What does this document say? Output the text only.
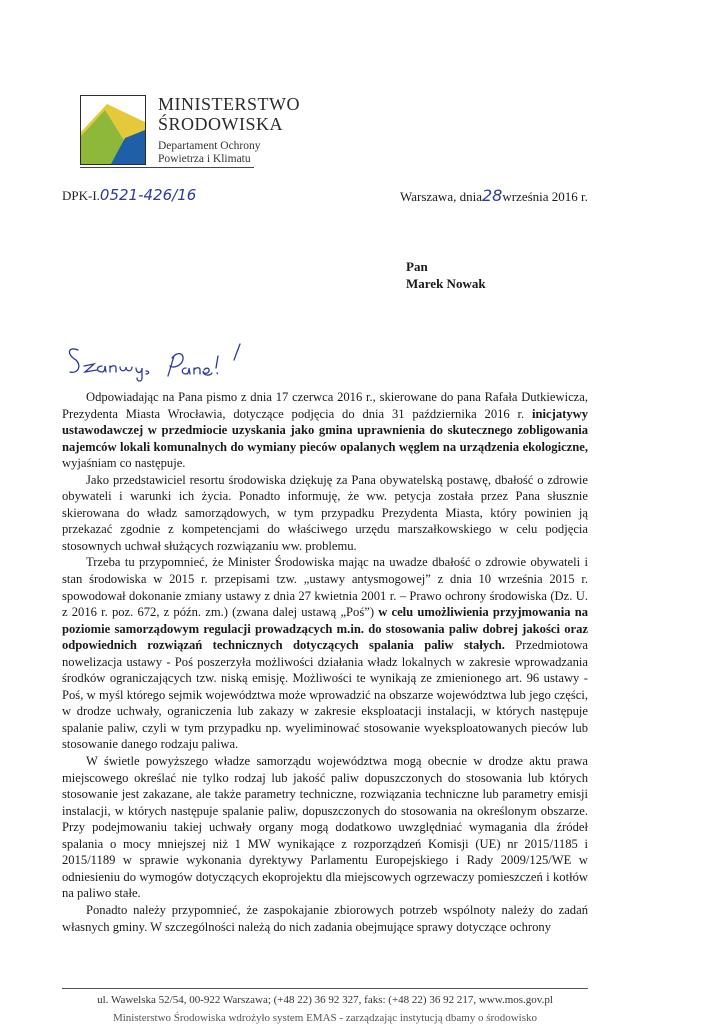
MINISTERSTWO
ŚRODOWISKA
Departament Ochrony
Powietrza i Klimatu
DPK-I.0521-426/16	Warszawa, dnia28września 2016 r.
Pan
Marek Nowak

Odpowiadając na Pana pismo z dnia 17 czerwca 2016 r., skierowane do pana Rafała Dutkiewicza, Prezydenta Miasta Wrocławia, dotyczące podjęcia do dnia 31 października 2016 r. inicjatywy ustawodawczej w przedmiocie uzyskania jako gmina uprawnienia do skutecznego zobligowania najemców lokali komunalnych do wymiany pieców opalanych węglem na urządzenia ekologiczne, wyjaśniam co następuje.

Jako przedstawiciel resortu środowiska dziękuję za Pana obywatelską postawę, dbałość o zdrowie obywateli i warunki ich życia. Ponadto informuję, że ww. petycja została przez Pana słusznie skierowana do władz samorządowych, w tym przypadku Prezydenta Miasta, który powinien ją przekazać zgodnie z kompetencjami do właściwego urzędu marszałkowskiego w celu podjęcia stosownych uchwał służących rozwiązaniu ww. problemu.

Trzeba tu przypomnieć, że Minister Środowiska mając na uwadze dbałość o zdrowie obywateli i stan środowiska w 2015 r. przepisami tzw. „ustawy antysmogowej” z dnia 10 września 2015 r. spowodował dokonanie zmiany ustawy z dnia 27 kwietnia 2001 r. – Prawo ochrony środowiska (Dz. U. z 2016 r. poz. 672, z późn. zm.) (zwana dalej ustawą „Poś”) w celu umożliwienia przyjmowania na poziomie samorządowym regulacji prowadzących m.in. do stosowania paliw dobrej jakości oraz odpowiednich rozwiązań technicznych dotyczących spalania paliw stałych. Przedmiotowa nowelizacja ustawy - Poś poszerzyła możliwości działania władz lokalnych w zakresie wprowadzania środków ograniczających tzw. niską emisję. Możliwości te wynikają ze zmienionego art. 96 ustawy - Poś, w myśl którego sejmik województwa może wprowadzić na obszarze województwa lub jego części, w drodze uchwały, ograniczenia lub zakazy w zakresie eksploatacji instalacji, w których następuje spalanie paliw, czyli w tym przypadku np. wyeliminować stosowanie wyeksploatowanych pieców lub stosowanie danego rodzaju paliwa.

W świetle powyższego władze samorządu województwa mogą obecnie w drodze aktu prawa miejscowego określać nie tylko rodzaj lub jakość paliw dopuszczonych do stosowania lub których stosowanie jest zakazane, ale także parametry techniczne, rozwiązania techniczne lub parametry emisji instalacji, w których następuje spalanie paliw, dopuszczonych do stosowania na określonym obszarze. Przy podejmowaniu takiej uchwały organy mogą dodatkowo uwzględniać wymagania dla źródeł spalania o mocy mniejszej niż 1 MW wynikające z rozporządzeń Komisji (UE) nr 2015/1185 i 2015/1189 w sprawie wykonania dyrektywy Parlamentu Europejskiego i Rady 2009/125/WE w odniesieniu do wymogów dotyczących ekoprojektu dla miejscowych ogrzewaczy pomieszczeń i kotłów na paliwo stałe.

Ponadto należy przypomnieć, że zaspokajanie zbiorowych potrzeb wspólnoty należy do zadań własnych gminy. W szczególności należą do nich zadania obejmujące sprawy dotyczące ochrony

ul. Wawelska 52/54, 00-922 Warszawa; (+48 22) 36 92 327, faks: (+48 22) 36 92 217, www.mos.gov.pl
Ministerstwo Środowiska wdrożyło system EMAS - zarządzając instytucją dbamy o środowisko
